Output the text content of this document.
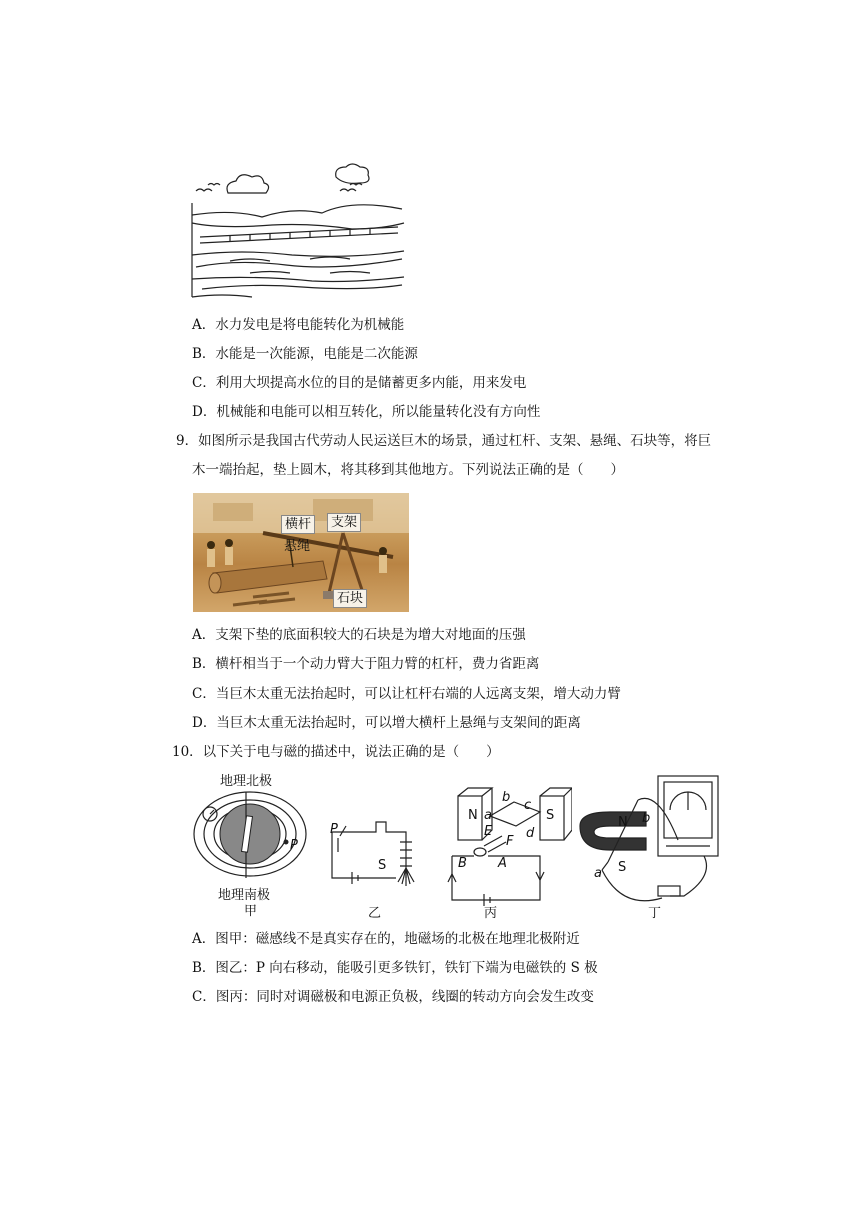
A．水力发电是将电能转化为机械能
B．水能是一次能源，电能是二次能源
C．利用大坝提高水位的目的是储蓄更多内能，用来发电
D．机械能和电能可以相互转化，所以能量转化没有方向性
9．如图所示是我国古代劳动人民运送巨木的场景，通过杠杆、支架、悬绳、石块等，将巨
木一端抬起，垫上圆木，将其移到其他地方。下列说法正确的是（　　）
横杆	支架
悬绳
石块
A．支架下垫的底面积较大的石块是为增大对地面的压强
B．横杆相当于一个动力臂大于阻力臂的杠杆，费力省距离
C．当巨木太重无法抬起时，可以让杠杆右端的人远离支架，增大动力臂
D．当巨木太重无法抬起时，可以增大横杆上悬绳与支架间的距离
10．以下关于电与磁的描述中，说法正确的是（　　）
地理北极
P
地理南极
甲
P
S
乙
N	S
a
b
c
d
E
F
B A
丙
N b
S
a
丁
A．图甲：磁感线不是真实存在的，地磁场的北极在地理北极附近
B．图乙：P 向右移动，能吸引更多铁钉，铁钉下端为电磁铁的 S 极
C．图丙：同时对调磁极和电源正负极，线圈的转动方向会发生改变
